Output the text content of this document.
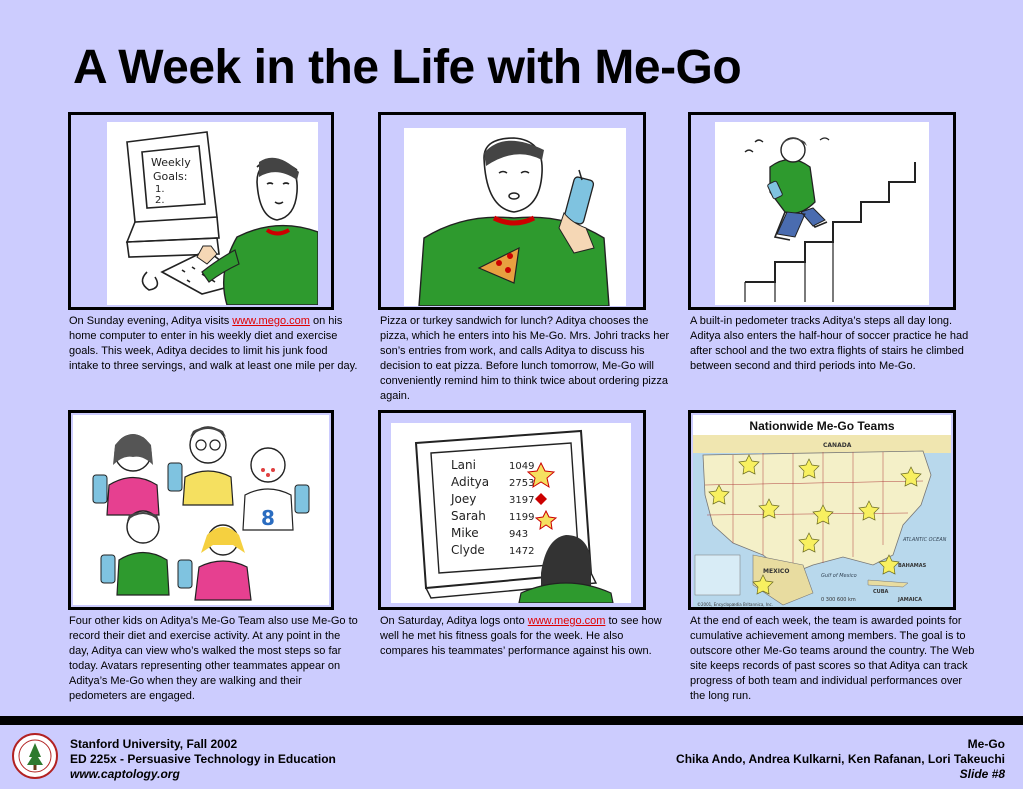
A Week in the Life with Me-Go
Weekly
Goals:
1.
2.
On Sunday evening, Aditya visits www.mego.com on his home computer to enter in his weekly diet and exercise goals. This week, Aditya decides to limit his junk food intake to three servings, and walk at least one mile per day.
Pizza or turkey sandwich for lunch? Aditya chooses the pizza, which he enters into his Me-Go. Mrs. Johri tracks her son’s entries from work, and calls Aditya to discuss his decision to eat pizza. Before lunch tomorrow, Me-Go will conveniently remind him to think twice about ordering pizza again.
A built-in pedometer tracks Aditya’s steps all day long. Aditya also enters the half-hour of soccer practice he had after school and the two extra flights of stairs he climbed between second and third periods into Me-Go.
8
Four other kids on Aditya’s Me-Go Team also use Me-Go to record their diet and exercise activity. At any point in the day, Aditya can view who’s walked the most steps so far today. Avatars representing other teammates appear on Aditya’s Me-Go when they are walking and their pedometers are engaged.
Lani	1049
Aditya 2753
Joey	3197
Sarah 1199
Mike	943
Clyde 1472
On Saturday, Aditya logs onto www.mego.com to see how well he met his fitness goals for the week. He also compares his teammates’ performance against his own.
Nationwide Me-Go Teams
CANADA
MEXICO
Gulf of Mexico
ATLANTIC OCEAN
BAHAMAS
CUBA
JAMAICA
0 300 600 km
©2001, Encyclopædia Britannica, Inc.
At the end of each week, the team is awarded points for cumulative achievement among members. The goal is to outscore other Me-Go teams around the country. The Web site keeps records of past scores so that Aditya can track progress of both team and individual performances over the long run.
Stanford University, Fall 2002
ED 225x - Persuasive Technology in Education
www.captology.org
Me-Go
Chika Ando, Andrea Kulkarni, Ken Rafanan, Lori Takeuchi
Slide #8
